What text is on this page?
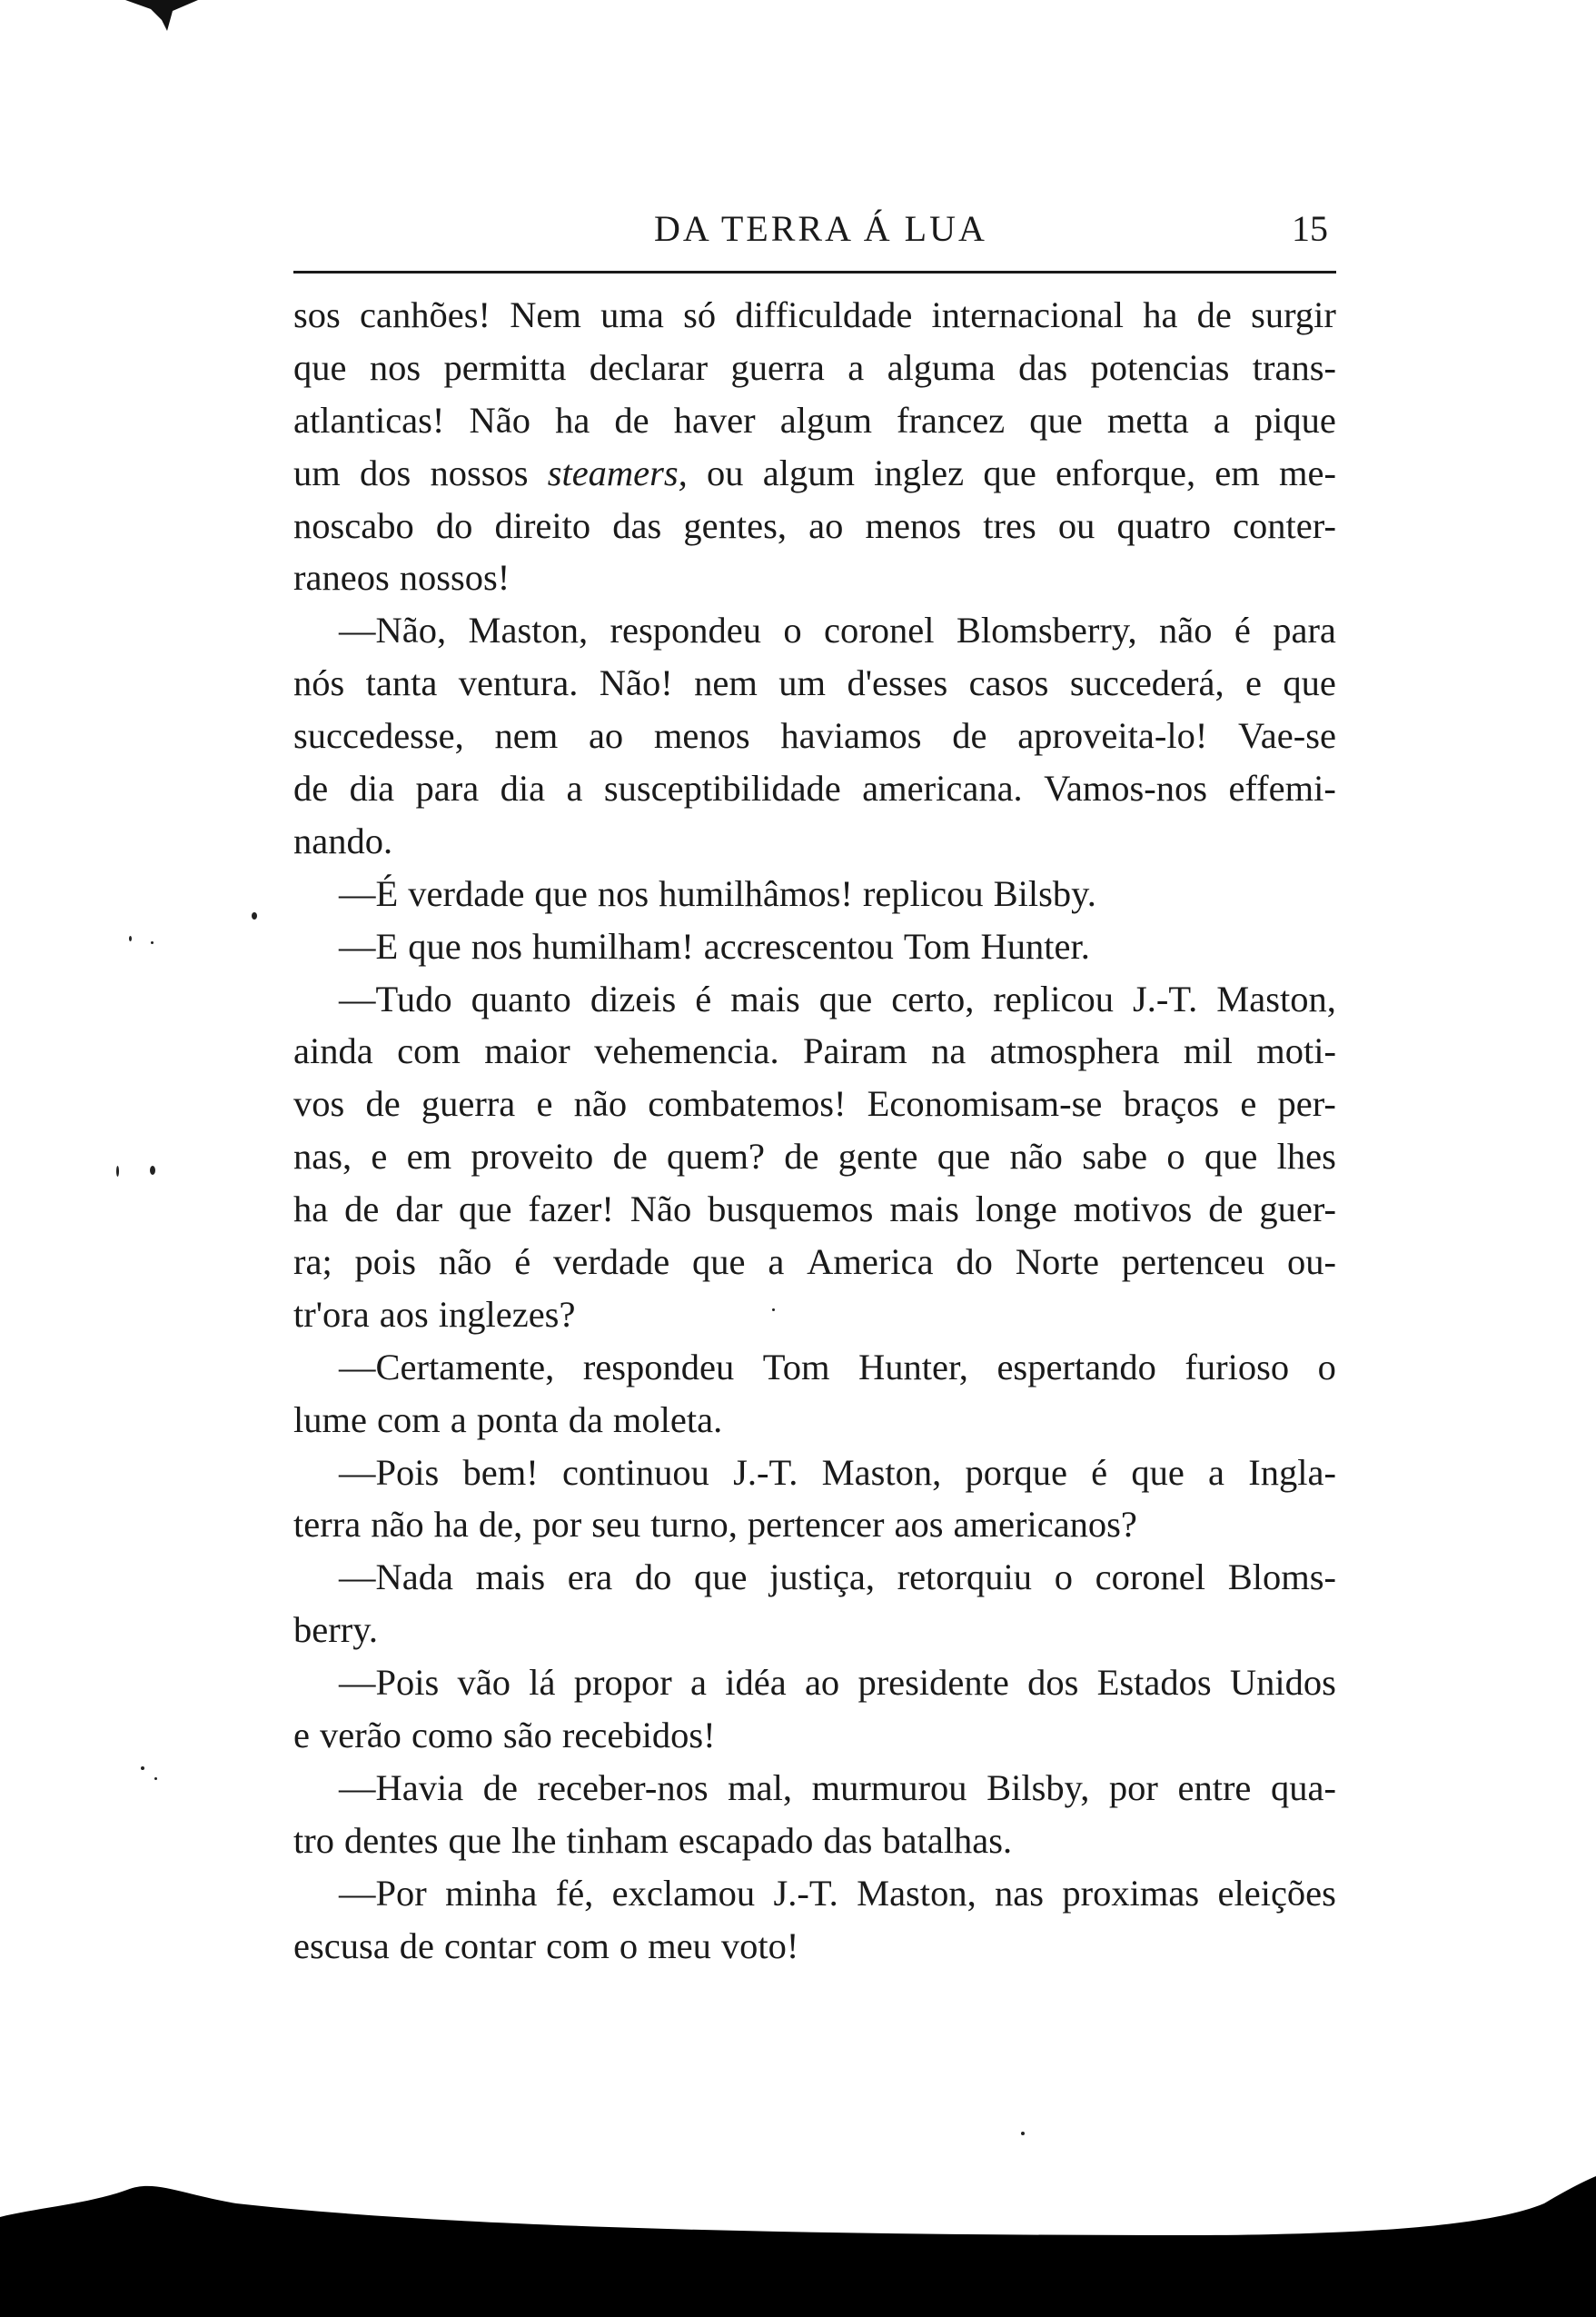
DA TERRA Á LUA	15
sos canhões! Nem uma só difficuldade internacional ha de surgir
que nos permitta declarar guerra a alguma das potencias trans-
atlanticas! Não ha de haver algum francez que metta a pique
um dos nossos steamers, ou algum inglez que enforque, em me-
noscabo do direito das gentes, ao menos tres ou quatro conter-
raneos nossos!
—Não, Maston, respondeu o coronel Blomsberry, não é para
nós tanta ventura. Não! nem um d'esses casos succederá, e que
succedesse, nem ao menos haviamos de aproveita-lo! Vae-se
de dia para dia a susceptibilidade americana. Vamos-nos effemi-
nando.
—É verdade que nos humilhâmos! replicou Bilsby.
—E que nos humilham! accrescentou Tom Hunter.
—Tudo quanto dizeis é mais que certo, replicou J.-T. Maston,
ainda com maior vehemencia. Pairam na atmosphera mil moti-
vos de guerra e não combatemos! Economisam-se braços e per-
nas, e em proveito de quem? de gente que não sabe o que lhes
ha de dar que fazer! Não busquemos mais longe motivos de guer-
ra; pois não é verdade que a America do Norte pertenceu ou-
tr'ora aos inglezes?
—Certamente, respondeu Tom Hunter, espertando furioso o
lume com a ponta da moleta.
—Pois bem! continuou J.-T. Maston, porque é que a Ingla-
terra não ha de, por seu turno, pertencer aos americanos?
—Nada mais era do que justiça, retorquiu o coronel Bloms-
berry.
—Pois vão lá propor a idéa ao presidente dos Estados Unidos
e verão como são recebidos!
—Havia de receber-nos mal, murmurou Bilsby, por entre qua-
tro dentes que lhe tinham escapado das batalhas.
—Por minha fé, exclamou J.-T. Maston, nas proximas eleições
escusa de contar com o meu voto!
